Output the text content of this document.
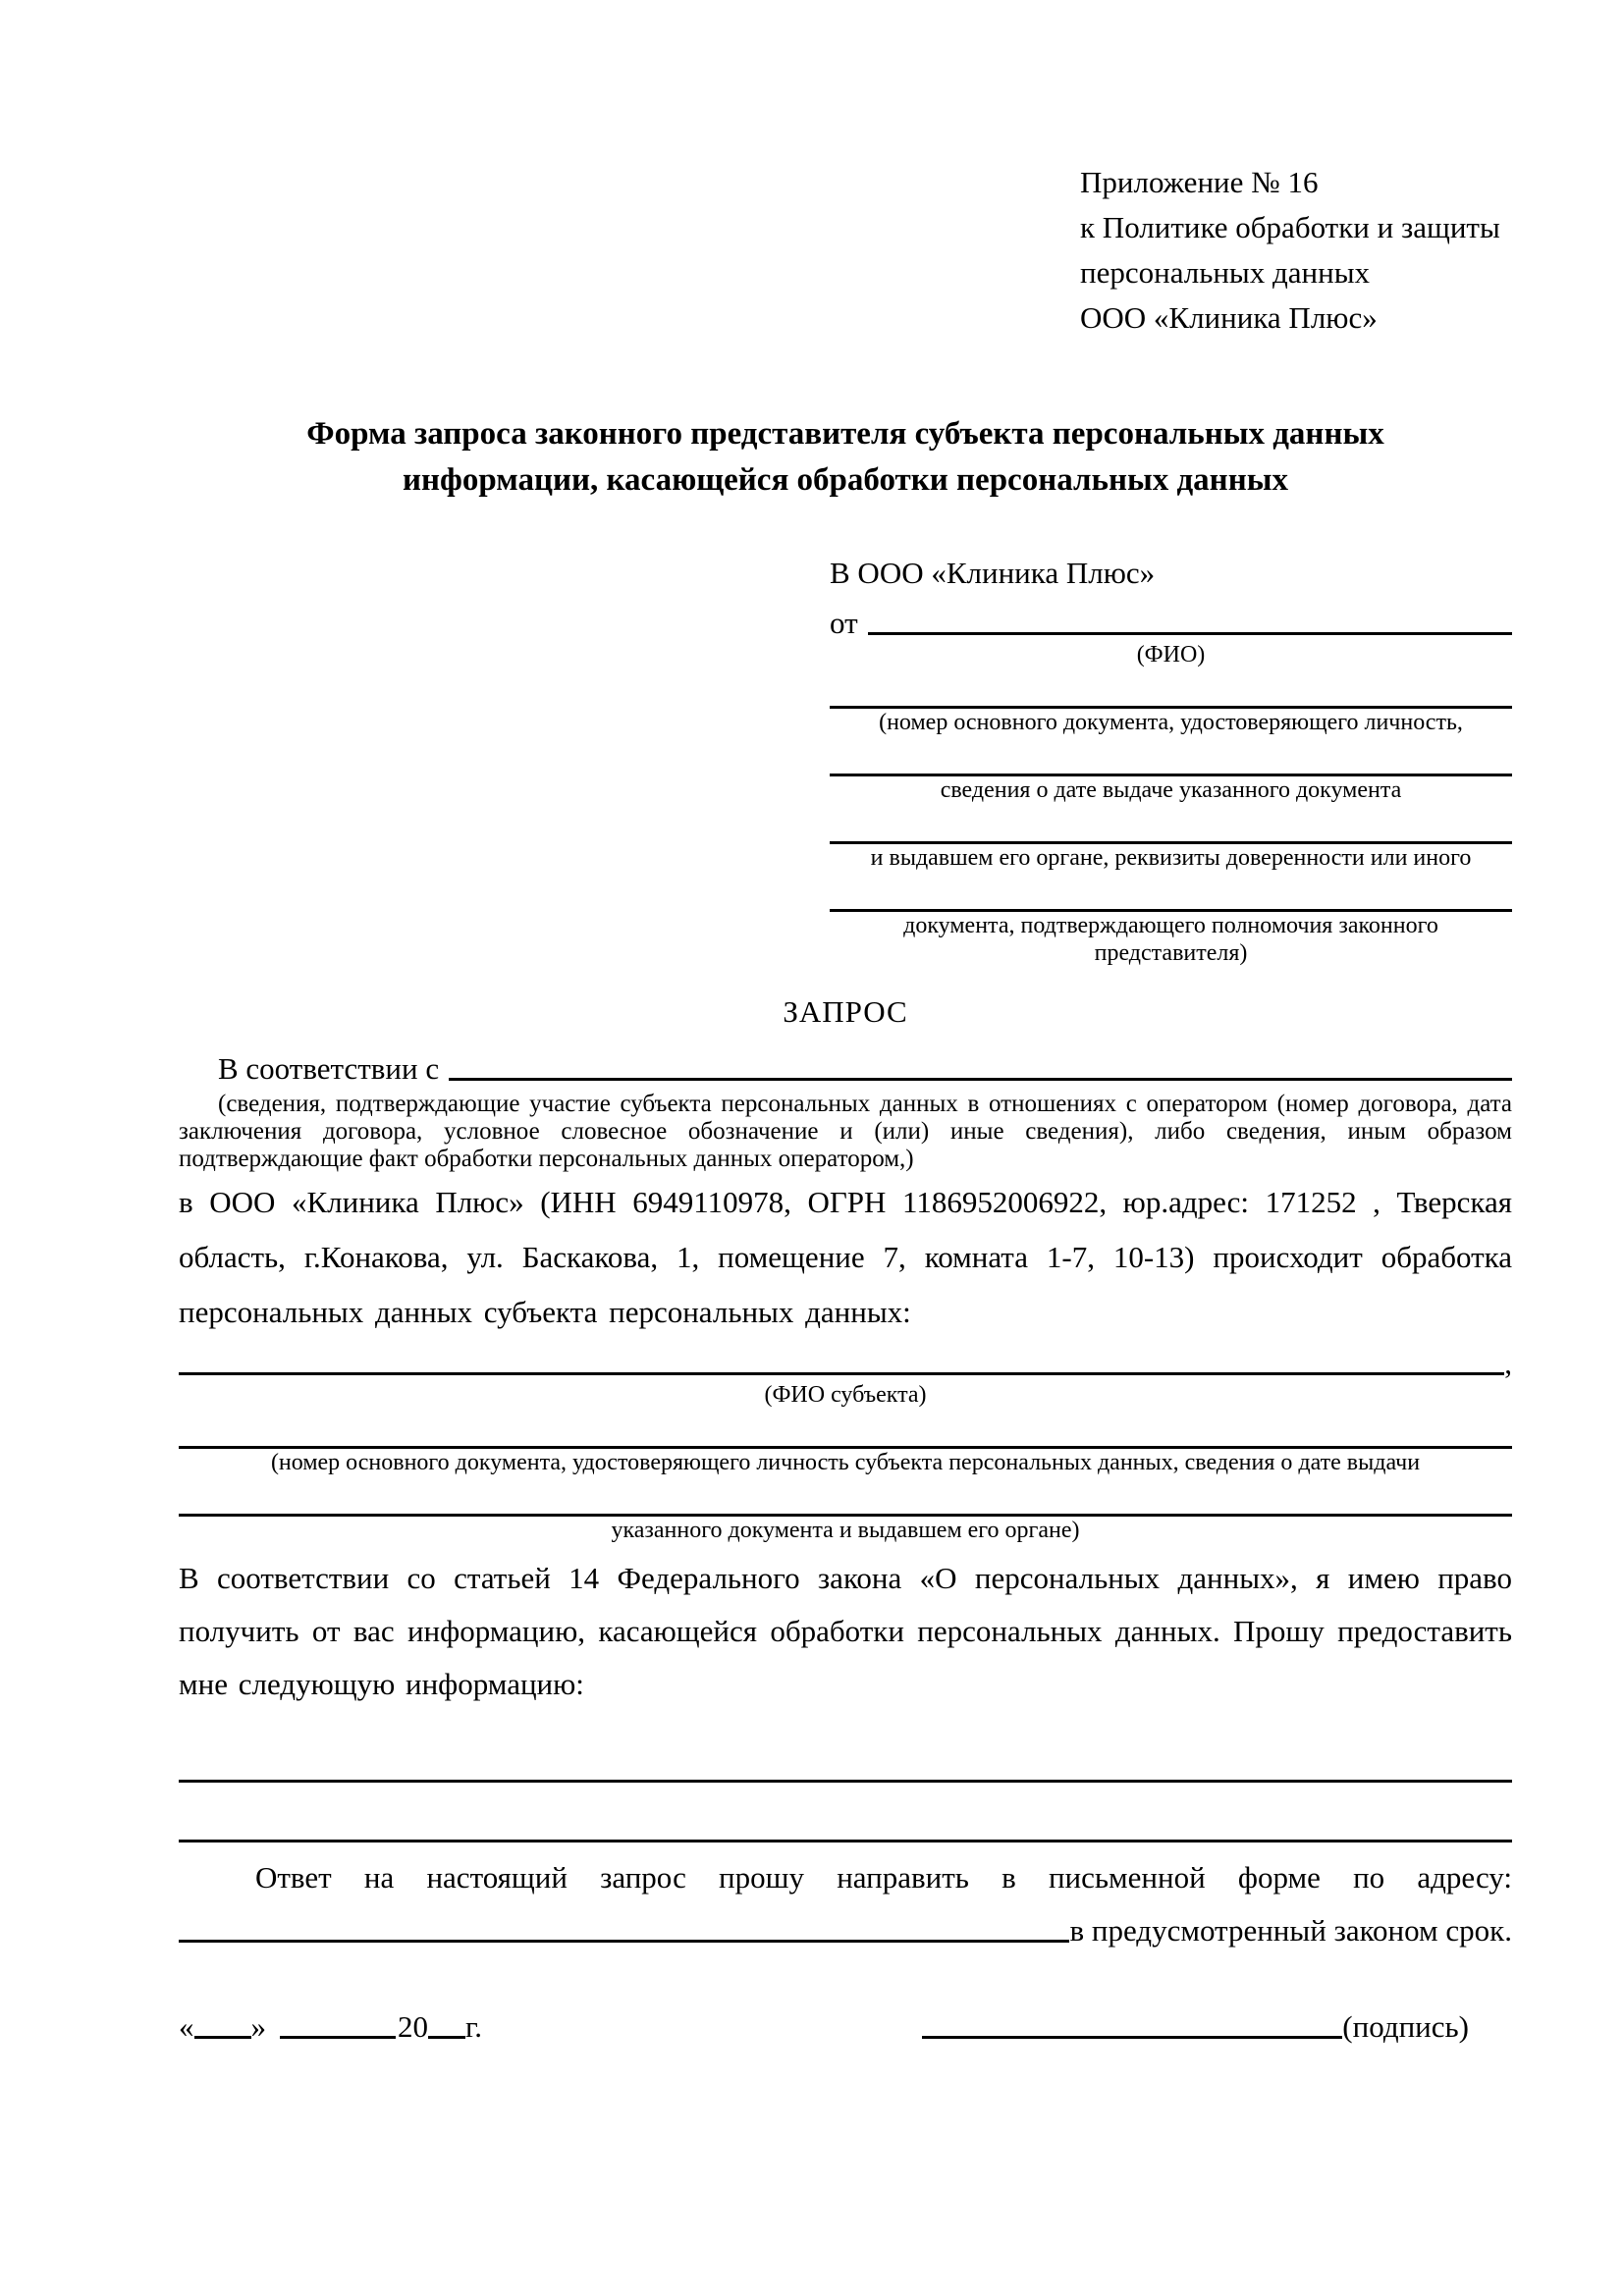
Приложение № 16
к Политике обработки и защиты
персональных данных
ООО «Клиника Плюс»
Форма запроса законного представителя субъекта персональных данных
информации, касающейся обработки персональных данных
В ООО «Клиника Плюс»
от
(ФИО)
(номер основного документа, удостоверяющего личность,
сведения о дате выдаче указанного документа
и выдавшем его органе, реквизиты доверенности или иного
документа, подтверждающего полномочия законного представителя)
ЗАПРОС
В соответствии с
(сведения, подтверждающие участие субъекта персональных данных в отношениях с оператором (номер договора, дата заключения договора, условное словесное обозначение и (или) иные сведения), либо сведения, иным образом подтверждающие факт обработки персональных данных оператором,)
в ООО «Клиника Плюс» (ИНН 6949110978, ОГРН 1186952006922, юр.адрес: 171252 , Тверская область, г.Конакова, ул. Баскакова, 1, помещение 7, комната 1-7, 10-13) происходит обработка персональных данных субъекта персональных данных:
,
(ФИО субъекта)
(номер основного документа, удостоверяющего личность субъекта персональных данных, сведения о дате выдачи
указанного документа и выдавшем его органе)
В соответствии со статьей 14 Федерального закона «О персональных данных», я имею право получить от вас информацию, касающейся обработки персональных данных. Прошу предоставить мне следующую информацию:
Ответ на настоящий запрос прошу направить в письменной форме по адресу:
в предусмотренный законом срок.
« »	20 г.	(подпись)
